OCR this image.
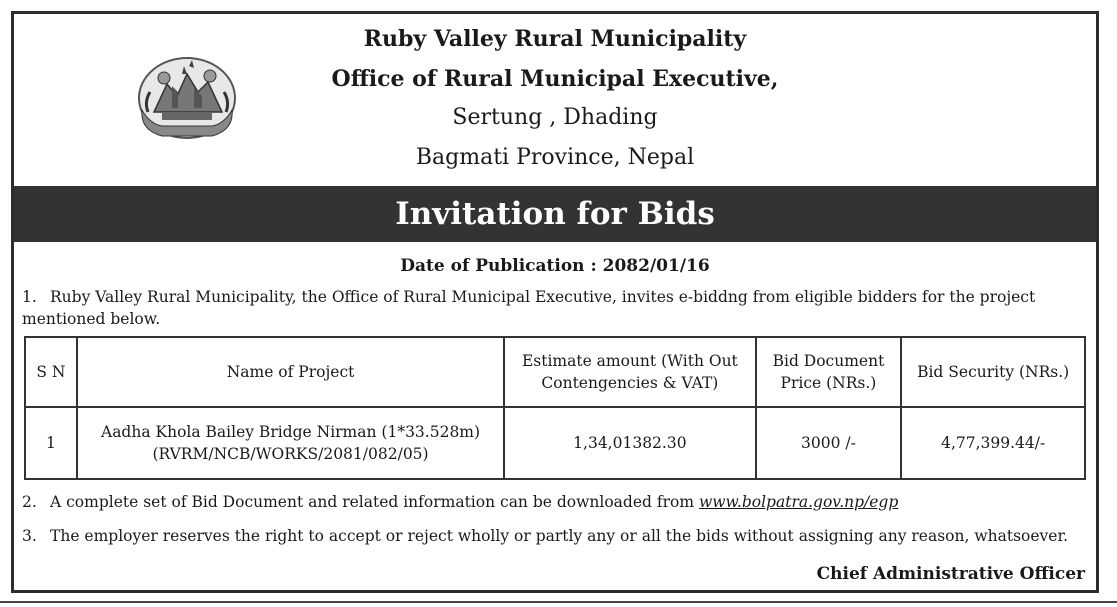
Ruby Valley Rural Municipality
Office of Rural Municipal Executive,
Sertung , Dhading
Bagmati Province, Nepal
Invitation for Bids
Date of Publication : 2082/01/16
1. Ruby Valley Rural Municipality, the Office of Rural Municipal Executive, invites e-biddng from eligible bidders for the project mentioned below.
S N	Name of Project	Estimate amount (With Out Contengencies & VAT)	Bid Document Price (NRs.)	Bid Security (NRs.)
1	Aadha Khola Bailey Bridge Nirman (1*33.528m) (RVRM/NCB/WORKS/2081/082/05)	1,34,01382.30	3000 /-	4,77,399.44/-
2. A complete set of Bid Document and related information can be downloaded from www.bolpatra.gov.np/egp
3. The employer reserves the right to accept or reject wholly or partly any or all the bids without assigning any reason, whatsoever.
Chief Administrative Officer
